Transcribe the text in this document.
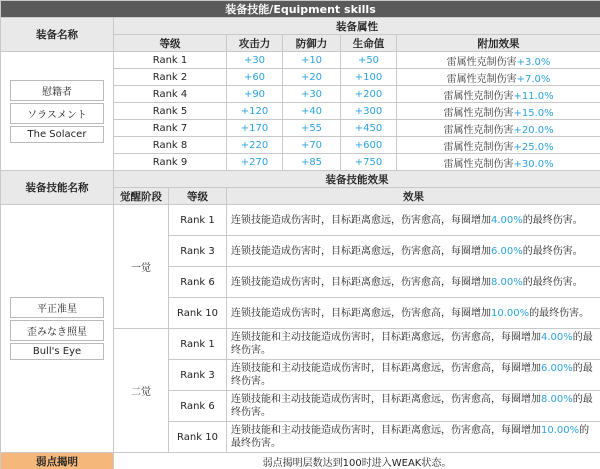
装备技能/Equipment skills						
装备名称	装备属性					
	等级		攻击力	防御力	生命值	附加效果

慰籍者
ソラスメント
The Solacer	Rank 1		+30	+10	+50	雷属性克制伤害+3.0%
	Rank 2		+60	+20	+100	雷属性克制伤害+7.0%
	Rank 4		+90	+30	+200	雷属性克制伤害+11.0%
	Rank 5		+120	+40	+300	雷属性克制伤害+15.0%
	Rank 7		+170	+55	+450	雷属性克制伤害+20.0%
	Rank 8		+220	+70	+600	雷属性克制伤害+25.0%
	Rank 9		+270	+85	+750	雷属性克制伤害+30.0%
装备技能名称	装备技能效果					
	觉醒阶段	等级	效果			

平正准星
歪みなき照星
Bull's Eye	一觉	Rank 1	连锁技能造成伤害时，目标距离愈远，伤害愈高，每圈增加4.00%的最终伤害。			
		Rank 3	连锁技能造成伤害时，目标距离愈远，伤害愈高，每圈增加6.00%的最终伤害。			
		Rank 6	连锁技能造成伤害时，目标距离愈远，伤害愈高，每圈增加8.00%的最终伤害。			
		Rank 10	连锁技能造成伤害时，目标距离愈远，伤害愈高，每圈增加10.00%的最终伤害。			
	二觉	Rank 1	连锁技能和主动技能造成伤害时，目标距离愈远，伤害愈高，每圈增加4.00%的最终伤害。			
		Rank 3	连锁技能和主动技能造成伤害时，目标距离愈远，伤害愈高，每圈增加6.00%的最终伤害。			
		Rank 6	连锁技能和主动技能造成伤害时，目标距离愈远，伤害愈高，每圈增加8.00%的最终伤害。			
		Rank 10	连锁技能和主动技能造成伤害时，目标距离愈远，伤害愈高，每圈增加10.00%的最终伤害。			
弱点揭明	弱点揭明层数达到100时进入WEAK状态。					
